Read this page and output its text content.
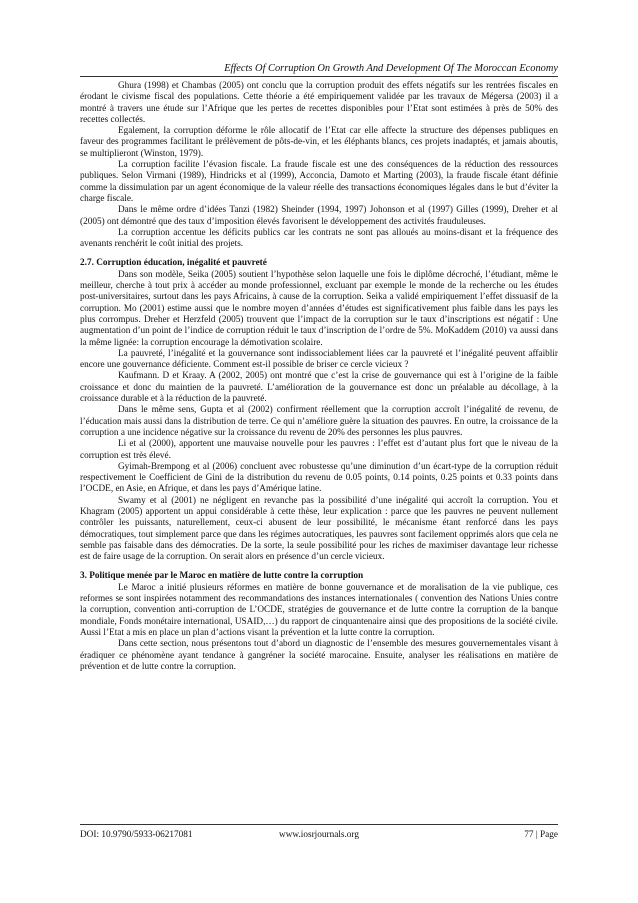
Effects Of Corruption On Growth And Development Of The Moroccan Economy

Ghura (1998) et Chambas (2005) ont conclu que la corruption produit des effets négatifs sur les rentrées fiscales en érodant le civisme fiscal des populations. Cette théorie a été empiriquement validée par les travaux de Mégersa (2003) il a montré à travers une étude sur l’Afrique que les pertes de recettes disponibles pour l’Etat sont estimées à près de 50% des recettes collectés.

Egalement, la corruption déforme le rôle allocatif de l’Etat car elle affecte la structure des dépenses publiques en faveur des programmes facilitant le prélèvement de pôts-de-vin, et les éléphants blancs, ces projets inadaptés, et jamais aboutis, se multiplieront (Winston, 1979).

La corruption facilite l’évasion fiscale. La fraude fiscale est une des conséquences de la réduction des ressources publiques. Selon Virmani (1989), Hindricks et al (1999), Acconcia, Damoto et Marting (2003), la fraude fiscale étant définie comme la dissimulation par un agent économique de la valeur réelle des transactions économiques légales dans le but d’éviter la charge fiscale.

Dans le même ordre d’idées Tanzi (1982) Sheinder (1994, 1997) Johonson et al (1997) Gilles (1999), Dreher et al (2005) ont démontré que des taux d’imposition élevés favorisent le développement des activités frauduleuses.

La corruption accentue les déficits publics car les contrats ne sont pas alloués au moins-disant et la fréquence des avenants renchérit le coût initial des projets.

2.7. Corruption éducation, inégalité et pauvreté

Dans son modèle, Seika (2005) soutient l’hypothèse selon laquelle une fois le diplôme décroché, l’étudiant, même le meilleur, cherche à tout prix à accéder au monde professionnel, excluant par exemple le monde de la recherche ou les études post-universitaires, surtout dans les pays Africains, à cause de la corruption. Seika a validé empiriquement l’effet dissuasif de la corruption. Mo (2001) estime aussi que le nombre moyen d’années d’études est significativement plus faible dans les pays les plus corrompus. Dreher et Herzfeld (2005) trouvent que l’impact de la corruption sur le taux d’inscriptions est négatif : Une augmentation d’un point de l’indice de corruption réduit le taux d’inscription de l’ordre de 5%. MoKaddem (2010) va aussi dans la même lignée: la corruption encourage la démotivation scolaire.

La pauvreté, l’inégalité et la gouvernance sont indissociablement liées car la pauvreté et l’inégalité peuvent affaiblir encore une gouvernance déficiente. Comment est-il possible de briser ce cercle vicieux ?

Kaufmann. D et Kraay. A (2002, 2005) ont montré que c’est la crise de gouvernance qui est à l’origine de la faible croissance et donc du maintien de la pauvreté. L’amélioration de la gouvernance est donc un préalable au décollage, à la croissance durable et à la réduction de la pauvreté.

Dans le même sens, Gupta et al (2002) confirment réellement que la corruption accroît l’inégalité de revenu, de l’éducation mais aussi dans la distribution de terre. Ce qui n’améliore guère la situation des pauvres. En outre, la croissance de la corruption a une incidence négative sur la croissance du revenu de 20% des personnes les plus pauvres.

Li et al (2000), apportent une mauvaise nouvelle pour les pauvres : l’effet est d’autant plus fort que le niveau de la corruption est très élevé.

Gyimah-Brempong et al (2006) concluent avec robustesse qu’une diminution d’un écart-type de la corruption réduit respectivement le Coefficient de Gini de la distribution du revenu de 0.05 points, 0.14 points, 0.25 points et 0.33 points dans l’OCDE, en Asie, en Afrique, et dans les pays d’Amérique latine.

Swamy et al (2001) ne négligent en revanche pas la possibilité d’une inégalité qui accroît la corruption. You et Khagram (2005) apportent un appui considérable à cette thèse, leur explication : parce que les pauvres ne peuvent nullement contrôler les puissants, naturellement, ceux-ci abusent de leur possibilité, le mécanisme étant renforcé dans les pays démocratiques, tout simplement parce que dans les régimes autocratiques, les pauvres sont facilement opprimés alors que cela ne semble pas faisable dans des démocraties. De la sorte, la seule possibilité pour les riches de maximiser davantage leur richesse est de faire usage de la corruption. On serait alors en présence d’un cercle vicieux.

3. Politique menée par le Maroc en matière de lutte contre la corruption

Le Maroc a initié plusieurs réformes en matière de bonne gouvernance et de moralisation de la vie publique, ces reformes se sont inspirées notamment des recommandations des instances internationales ( convention des Nations Unies contre la corruption, convention anti-corruption de L’OCDE, stratégies de gouvernance et de lutte contre la corruption de la banque mondiale, Fonds monétaire international, USAID,…) du rapport de cinquantenaire ainsi que des propositions de la société civile. Aussi l’Etat a mis en place un plan d’actions visant la prévention et la lutte contre la corruption.

Dans cette section, nous présentons tout d’abord un diagnostic de l’ensemble des mesures gouvernementales visant à éradiquer ce phénomène ayant tendance à gangréner la société marocaine. Ensuite, analyser les réalisations en matière de prévention et de lutte contre la corruption.

DOI: 10.9790/5933-06217081	www.iosrjournals.org	77 | Page
